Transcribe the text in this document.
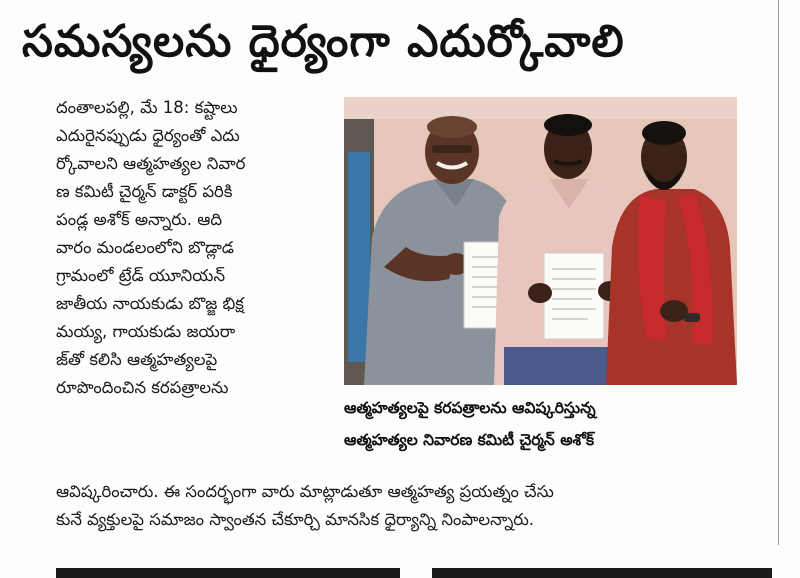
సమస్యలను ధైర్యంగా ఎదుర్కోవాలి
దంతాలపల్లి, మే 18: కష్టాలు
ఎదురైనప్పుడు ధైర్యంతో ఎదు
ర్కోవాలని ఆత్మహత్యల నివార
ణ కమిటీ చైర్మన్ డాక్టర్ పరికి
పండ్ల అశోక్ అన్నారు. ఆది
వారం మండలంలోని బొడ్లాడ
గ్రామంలో ట్రేడ్ యూనియన్
జాతీయ నాయకుడు బొజ్జ భిక్ష
మయ్య, గాయకుడు జయరా
జ్‌తో కలిసి ఆత్మహత్యలపై
రూపొందించిన కరపత్రాలను
ఆత్మహత్యలపై కరపత్రాలను ఆవిష్కరిస్తున్న
ఆత్మహత్యల నివారణ కమిటీ చైర్మన్ అశోక్
ఆవిష్కరించారు. ఈ సందర్భంగా వారు మాట్లాడుతూ ఆత్మహత్య ప్రయత్నం చేసు
కునే వ్యక్తులపై సమాజం స్వాంతన చేకూర్చి మానసిక ధైర్యాన్ని నింపాలన్నారు.
